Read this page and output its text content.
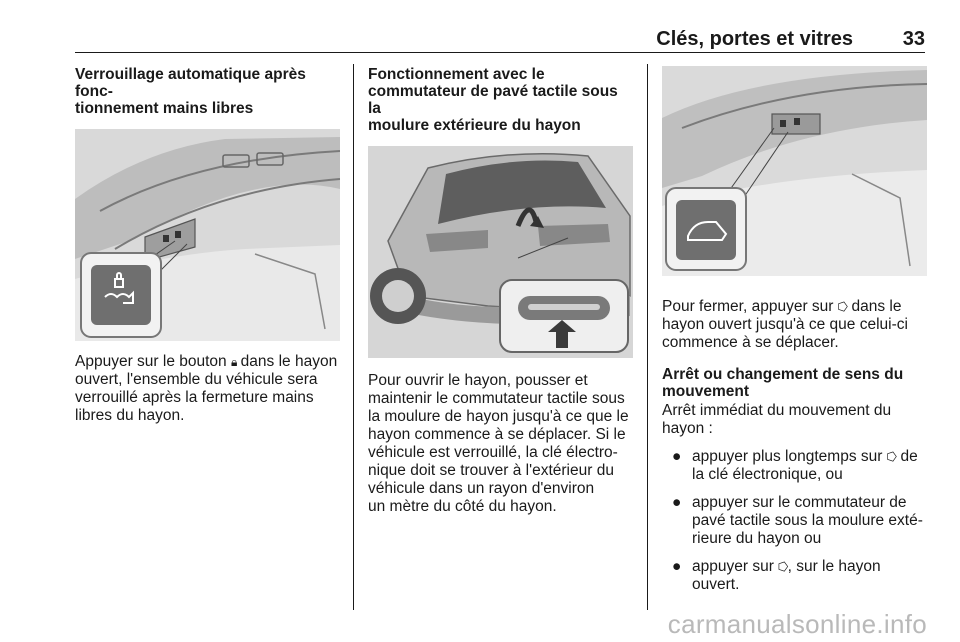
Clés, portes et vitres 33
Verrouillage automatique après fonc-
tionnement mains libres

Appuyer sur le bouton 🔒︎ dans le hayon ouvert, l'ensemble du véhicule sera verrouillé après la fermeture mains libres du hayon.

Fonctionnement avec le
commutateur de pavé tactile sous la
moulure extérieure du hayon

Pour ouvrir le hayon, pousser et maintenir le commutateur tactile sous la moulure de hayon jusqu'à ce que le hayon commence à se déplacer. Si le véhicule est verrouillé, la clé électro-
nique doit se trouver à l'extérieur du véhicule dans un rayon d'environ
un mètre du côté du hayon.

Pour fermer, appuyer sur ⭔ dans le hayon ouvert jusqu'à ce que celui-ci commence à se déplacer.

Arrêt ou changement de sens du
mouvement

Arrêt immédiat du mouvement du hayon :

● appuyer plus longtemps sur ⭔ de la clé électronique, ou
● appuyer sur le commutateur de pavé tactile sous la moulure exté-
rieure du hayon ou
● appuyer sur ⭔, sur le hayon ouvert.
carmanualsonline.info
